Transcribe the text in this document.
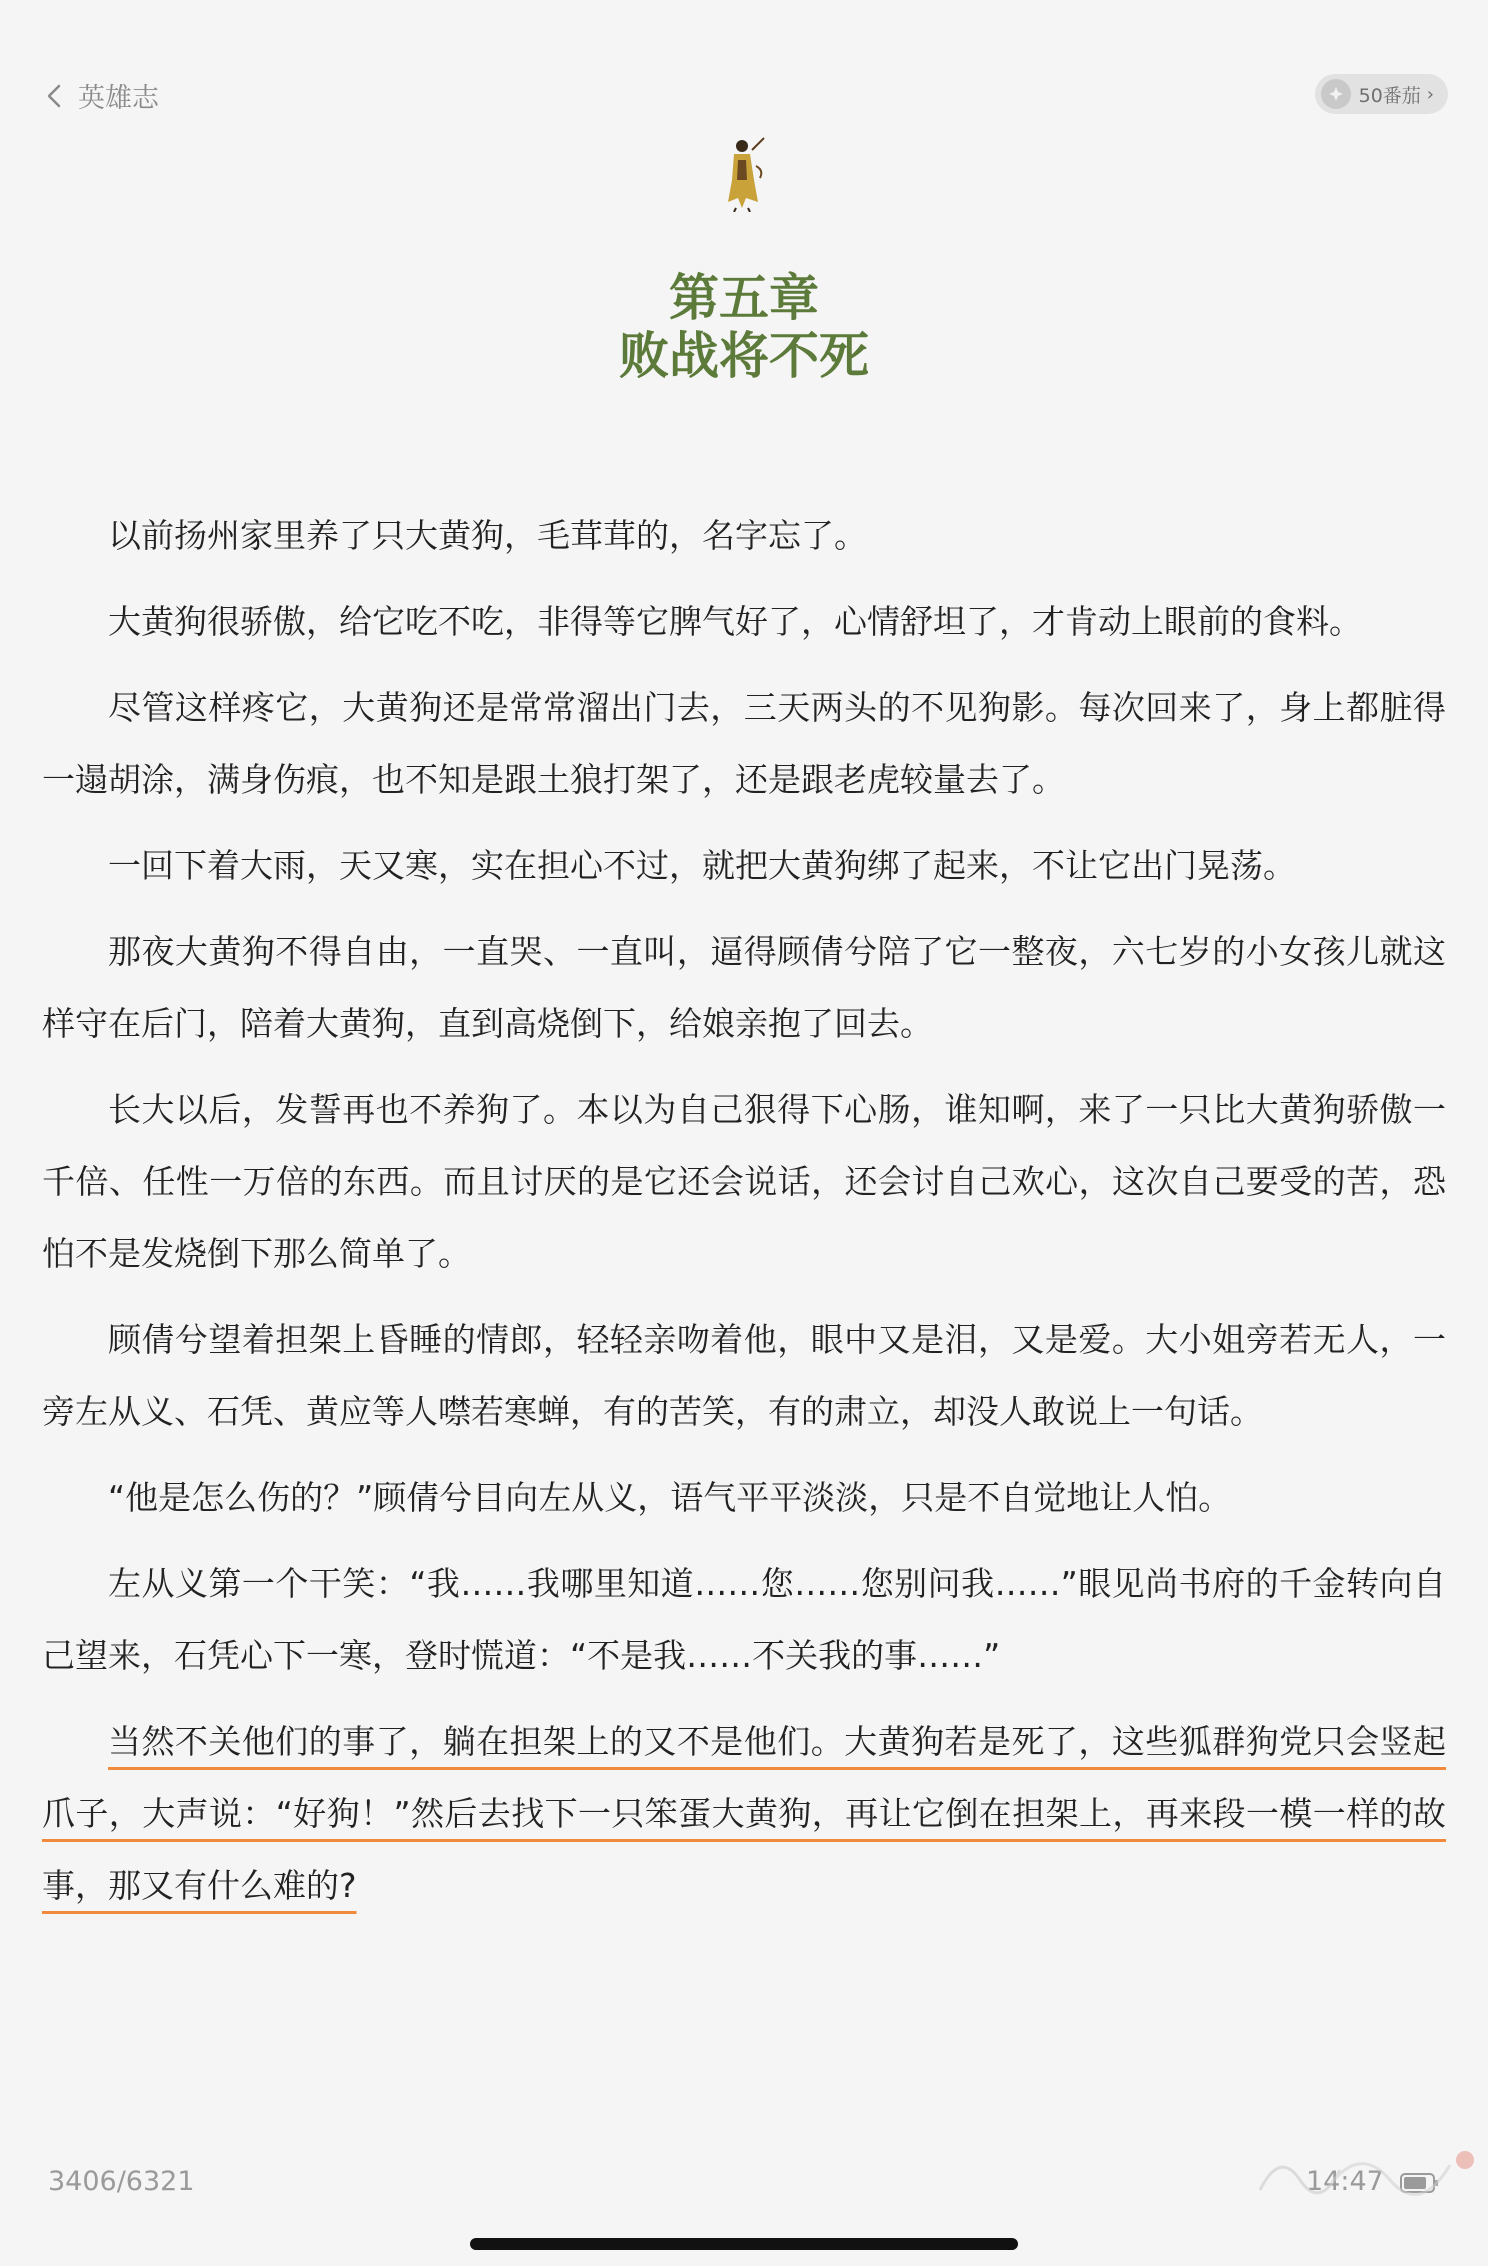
英雄志	50番茄 ›
第五章
败战将不死

以前扬州家里养了只大黄狗，毛茸茸的，名字忘了。

大黄狗很骄傲，给它吃不吃，非得等它脾气好了，心情舒坦了，才肯动上眼前的食料。

尽管这样疼它，大黄狗还是常常溜出门去，三天两头的不见狗影。每次回来了，身上都脏得一遢胡涂，满身伤痕，也不知是跟土狼打架了，还是跟老虎较量去了。

一回下着大雨，天又寒，实在担心不过，就把大黄狗绑了起来，不让它出门晃荡。

那夜大黄狗不得自由，一直哭、一直叫，逼得顾倩兮陪了它一整夜，六七岁的小女孩儿就这样守在后门，陪着大黄狗，直到高烧倒下，给娘亲抱了回去。

长大以后，发誓再也不养狗了。本以为自己狠得下心肠，谁知啊，来了一只比大黄狗骄傲一千倍、任性一万倍的东西。而且讨厌的是它还会说话，还会讨自己欢心，这次自己要受的苦，恐怕不是发烧倒下那么简单了。

顾倩兮望着担架上昏睡的情郎，轻轻亲吻着他，眼中又是泪，又是爱。大小姐旁若无人，一旁左从义、石凭、黄应等人噤若寒蝉，有的苦笑，有的肃立，却没人敢说上一句话。

“他是怎么伤的？”顾倩兮目向左从义，语气平平淡淡，只是不自觉地让人怕。

左从义第一个干笑：“我……我哪里知道……您……您别问我……”眼见尚书府的千金转向自己望来，石凭心下一寒，登时慌道：“不是我……不关我的事……”

当然不关他们的事了，躺在担架上的又不是他们。大黄狗若是死了，这些狐群狗党只会竖起爪子，大声说：“好狗！”然后去找下一只笨蛋大黄狗，再让它倒在担架上，再来段一模一样的故事，那又有什么难的?

3406/6321	14:47
